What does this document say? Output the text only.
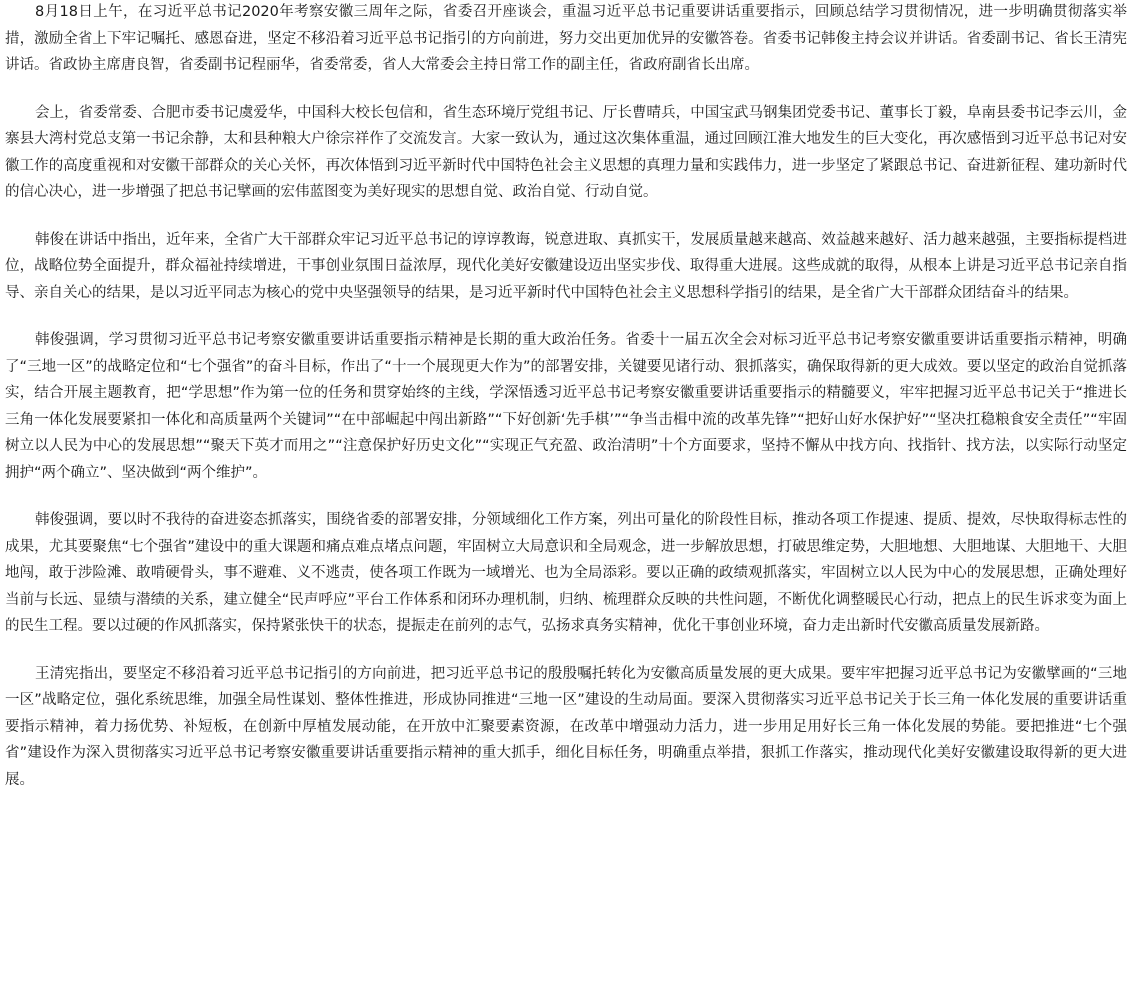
8月18日上午，在习近平总书记2020年考察安徽三周年之际，省委召开座谈会，重温习近平总书记重要讲话重要指示，回顾总结学习贯彻情况，进一步明确贯彻落实举措，激励全省上下牢记嘱托、感恩奋进，坚定不移沿着习近平总书记指引的方向前进，努力交出更加优异的安徽答卷。省委书记韩俊主持会议并讲话。省委副书记、省长王清宪讲话。省政协主席唐良智，省委副书记程丽华，省委常委，省人大常委会主持日常工作的副主任，省政府副省长出席。

会上，省委常委、合肥市委书记虞爱华，中国科大校长包信和，省生态环境厅党组书记、厅长曹晴兵，中国宝武马钢集团党委书记、董事长丁毅，阜南县委书记李云川，金寨县大湾村党总支第一书记余静，太和县种粮大户徐宗祥作了交流发言。大家一致认为，通过这次集体重温，通过回顾江淮大地发生的巨大变化，再次感悟到习近平总书记对安徽工作的高度重视和对安徽干部群众的关心关怀，再次体悟到习近平新时代中国特色社会主义思想的真理力量和实践伟力，进一步坚定了紧跟总书记、奋进新征程、建功新时代的信心决心，进一步增强了把总书记擘画的宏伟蓝图变为美好现实的思想自觉、政治自觉、行动自觉。

韩俊在讲话中指出，近年来，全省广大干部群众牢记习近平总书记的谆谆教诲，锐意进取、真抓实干，发展质量越来越高、效益越来越好、活力越来越强，主要指标提档进位，战略位势全面提升，群众福祉持续增进，干事创业氛围日益浓厚，现代化美好安徽建设迈出坚实步伐、取得重大进展。这些成就的取得，从根本上讲是习近平总书记亲自指导、亲自关心的结果，是以习近平同志为核心的党中央坚强领导的结果，是习近平新时代中国特色社会主义思想科学指引的结果，是全省广大干部群众团结奋斗的结果。

韩俊强调，学习贯彻习近平总书记考察安徽重要讲话重要指示精神是长期的重大政治任务。省委十一届五次全会对标习近平总书记考察安徽重要讲话重要指示精神，明确了“三地一区”的战略定位和“七个强省”的奋斗目标，作出了“十一个展现更大作为”的部署安排，关键要见诸行动、狠抓落实，确保取得新的更大成效。要以坚定的政治自觉抓落实，结合开展主题教育，把“学思想”作为第一位的任务和贯穿始终的主线，学深悟透习近平总书记考察安徽重要讲话重要指示的精髓要义，牢牢把握习近平总书记关于“推进长三角一体化发展要紧扣一体化和高质量两个关键词”“在中部崛起中闯出新路”“下好创新‘先手棋’”“争当击楫中流的改革先锋”“把好山好水保护好”“坚决扛稳粮食安全责任”“牢固树立以人民为中心的发展思想”“聚天下英才而用之”“注意保护好历史文化”“实现正气充盈、政治清明”十个方面要求，坚持不懈从中找方向、找指针、找方法，以实际行动坚定拥护“两个确立”、坚决做到“两个维护”。

韩俊强调，要以时不我待的奋进姿态抓落实，围绕省委的部署安排，分领域细化工作方案，列出可量化的阶段性目标，推动各项工作提速、提质、提效，尽快取得标志性的成果，尤其要聚焦“七个强省”建设中的重大课题和痛点难点堵点问题，牢固树立大局意识和全局观念，进一步解放思想，打破思维定势，大胆地想、大胆地谋、大胆地干、大胆地闯，敢于涉险滩、敢啃硬骨头，事不避难、义不逃责，使各项工作既为一域增光、也为全局添彩。要以正确的政绩观抓落实，牢固树立以人民为中心的发展思想，正确处理好当前与长远、显绩与潜绩的关系，建立健全“民声呼应”平台工作体系和闭环办理机制，归纳、梳理群众反映的共性问题，不断优化调整暖民心行动，把点上的民生诉求变为面上的民生工程。要以过硬的作风抓落实，保持紧张快干的状态，提振走在前列的志气，弘扬求真务实精神，优化干事创业环境，奋力走出新时代安徽高质量发展新路。

王清宪指出，要坚定不移沿着习近平总书记指引的方向前进，把习近平总书记的殷殷嘱托转化为安徽高质量发展的更大成果。要牢牢把握习近平总书记为安徽擘画的“三地一区”战略定位，强化系统思维，加强全局性谋划、整体性推进，形成协同推进“三地一区”建设的生动局面。要深入贯彻落实习近平总书记关于长三角一体化发展的重要讲话重要指示精神，着力扬优势、补短板，在创新中厚植发展动能，在开放中汇聚要素资源，在改革中增强动力活力，进一步用足用好长三角一体化发展的势能。要把推进“七个强省”建设作为深入贯彻落实习近平总书记考察安徽重要讲话重要指示精神的重大抓手，细化目标任务，明确重点举措，狠抓工作落实，推动现代化美好安徽建设取得新的更大进展。
